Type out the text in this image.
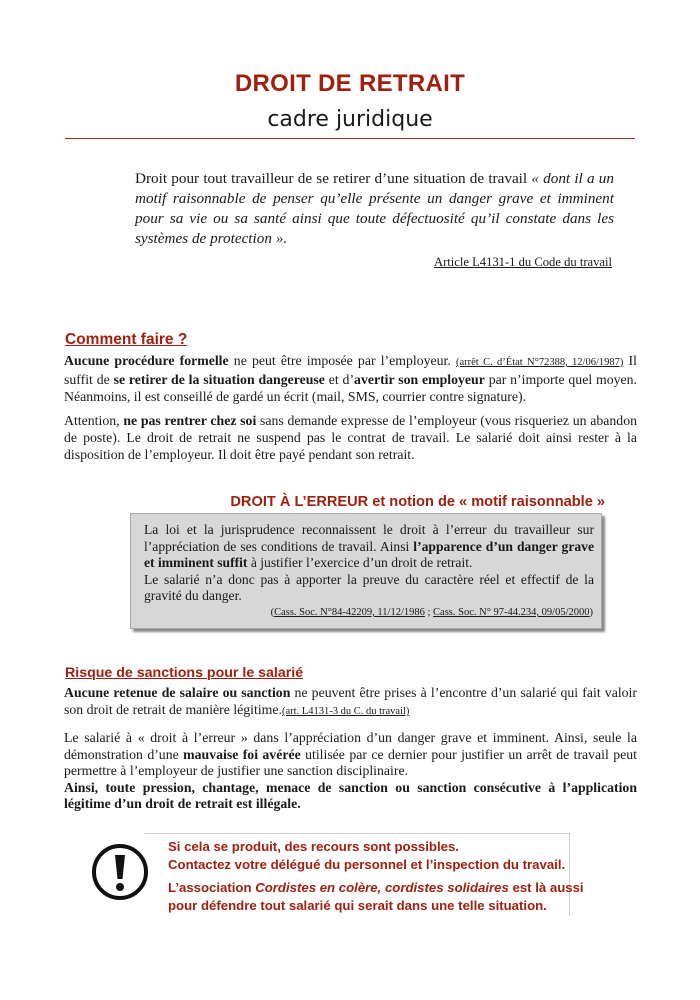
DROIT DE RETRAIT
cadre juridique
Droit pour tout travailleur de se retirer d’une situation de travail « dont il a un motif raisonnable de penser qu’elle présente un danger grave et imminent pour sa vie ou sa santé ainsi que toute défectuosité qu’il constate dans les systèmes de protection ».
Article L4131-1 du Code du travail
Comment faire ?
Aucune procédure formelle ne peut être imposée par l’employeur. (arrêt C. d’État N°72388, 12/06/1987) Il suffit de se retirer de la situation dangereuse et d’avertir son employeur par n’importe quel moyen. Néanmoins, il est conseillé de gardé un écrit (mail, SMS, courrier contre signature).
Attention, ne pas rentrer chez soi sans demande expresse de l’employeur (vous risqueriez un abandon de poste). Le droit de retrait ne suspend pas le contrat de travail. Le salarié doit ainsi rester à la disposition de l’employeur. Il doit être payé pendant son retrait.
DROIT À L’ERREUR et notion de « motif raisonnable »
La loi et la jurisprudence reconnaissent le droit à l’erreur du travailleur sur l’appréciation de ses conditions de travail. Ainsi l’apparence d’un danger grave et imminent suffit à justifier l’exercice d’un droit de retrait.
Le salarié n’a donc pas à apporter la preuve du caractère réel et effectif de la gravité du danger.
(Cass. Soc. N°84-42209, 11/12/1986 ; Cass. Soc. N° 97-44.234, 09/05/2000)
Risque de sanctions pour le salarié
Aucune retenue de salaire ou sanction ne peuvent être prises à l’encontre d’un salarié qui fait valoir son droit de retrait de manière légitime.(art. L4131-3 du C. du travail)
Le salarié à « droit à l’erreur » dans l’appréciation d’un danger grave et imminent. Ainsi, seule la démonstration d’une mauvaise foi avérée utilisée par ce dernier pour justifier un arrêt de travail peut permettre à l’employeur de justifier une sanction disciplinaire.
Ainsi, toute pression, chantage, menace de sanction ou sanction consécutive à l’application légitime d’un droit de retrait est illégale.
Si cela se produit, des recours sont possibles.
Contactez votre délégué du personnel et l’inspection du travail.
L’association Cordistes en colère, cordistes solidaires est là aussi
pour défendre tout salarié qui serait dans une telle situation.
